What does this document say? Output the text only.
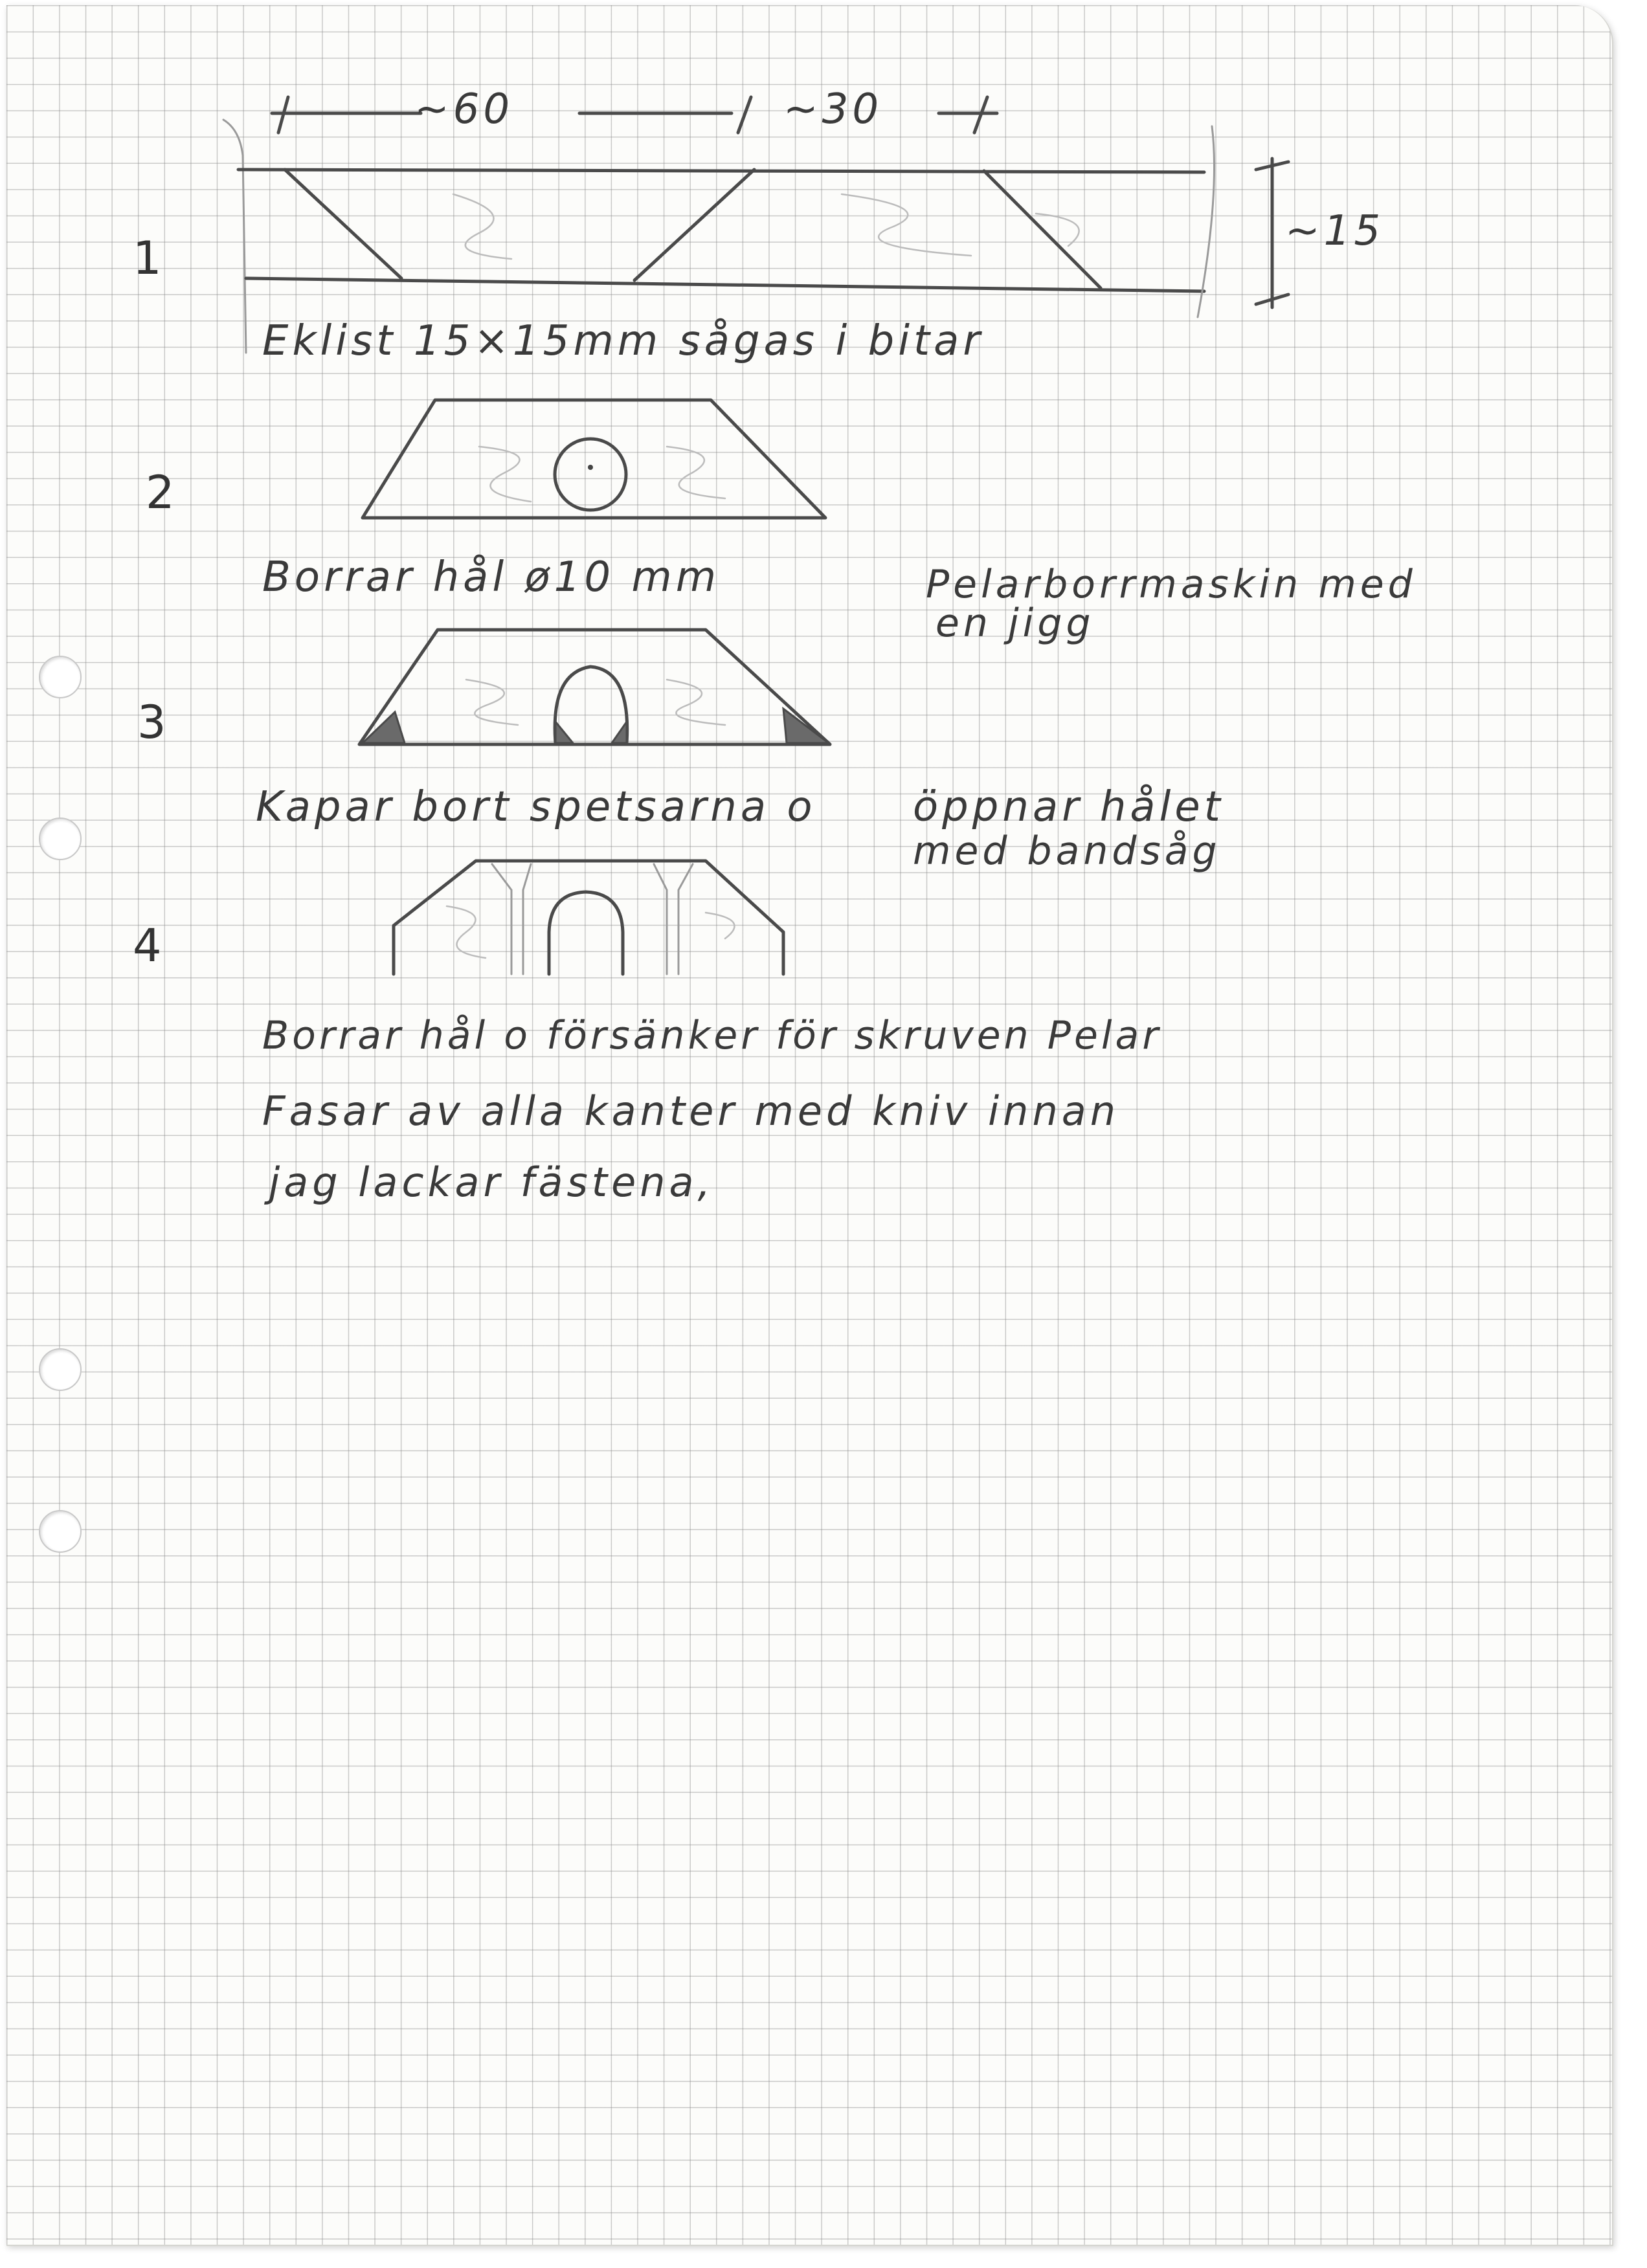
~60	~30
~15
1
2
3
4
Eklist 15×15mm sågas i bitar
Borrar hål ø10 mm	Pelarborrmaskin med
en jigg
Kapar bort spetsarna o öppnar hålet
med bandsåg
Borrar hål o försänker för skruven Pelar
Fasar av alla kanter med kniv innan
jag lackar fästena,
